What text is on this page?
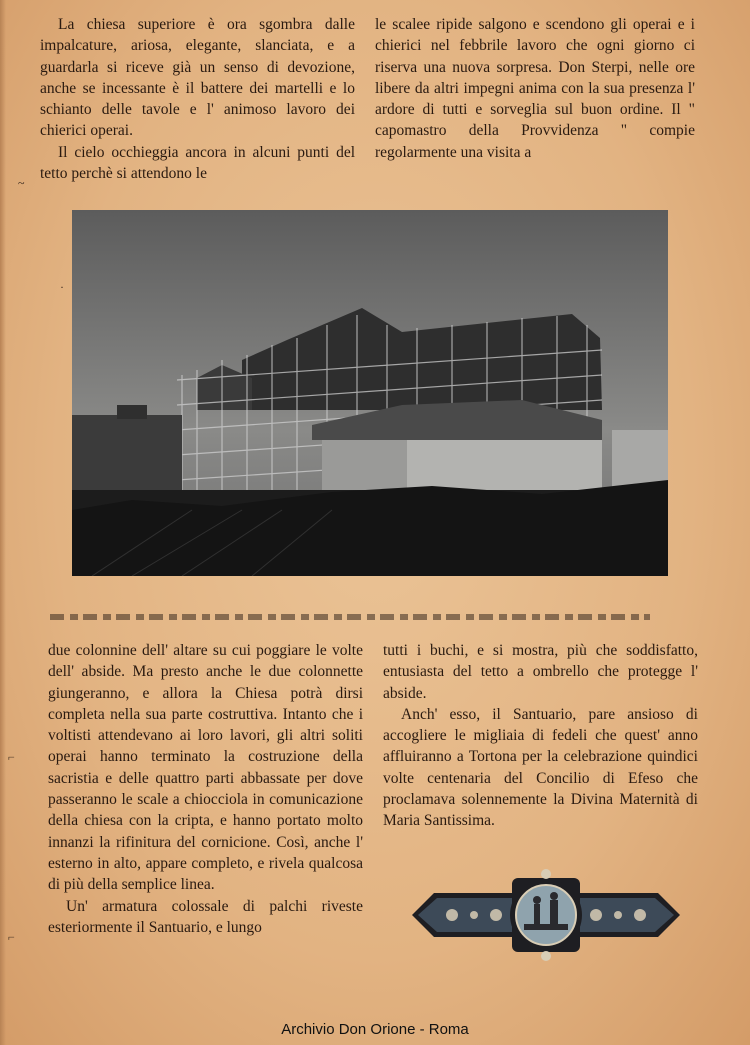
La chiesa superiore è ora sgombra dalle impalcature, ariosa, elegante, slanciata, e a guardarla si riceve già un senso di devozione, anche se incessante è il battere dei martelli e lo schianto delle tavole e l' animoso lavoro dei chierici operai.

Il cielo occhieggia ancora in alcuni punti del tetto perchè si attendono le

le scalee ripide salgono e scendono gli operai e i chierici nel febbrile lavoro che ogni giorno ci riserva una nuova sorpresa. Don Sterpi, nelle ore libere da altri impegni anima con la sua presenza l' ardore di tutti e sorveglia sul buon ordine. Il " capomastro della Provvidenza " compie regolarmente una visita a

due colonnine dell' altare su cui poggiare le volte dell' abside. Ma presto anche le due colonnette giungeranno, e allora la Chiesa potrà dirsi completa nella sua parte costruttiva. Intanto che i voltisti attendevano ai loro lavori, gli altri soliti operai hanno terminato la costruzione della sacristia e delle quattro parti abbassate per dove passeranno le scale a chiocciola in comunicazione della chiesa con la cripta, e hanno portato molto innanzi la rifinitura del cornicione. Così, anche l' esterno in alto, appare completo, e rivela qualcosa di più della semplice linea.

Un' armatura colossale di palchi riveste esteriormente il Santuario, e lungo

tutti i buchi, e si mostra, più che soddisfatto, entusiasta del tetto a ombrello che protegge l' abside.

Anch' esso, il Santuario, pare ansioso di accogliere le migliaia di fedeli che quest' anno affluiranno a Tortona per la celebrazione quindici volte centenaria del Concilio di Efeso che proclamava solennemente la Divina Maternità di Maria Santissima.

~
·
⌐
⌐
Archivio Don Orione - Roma
